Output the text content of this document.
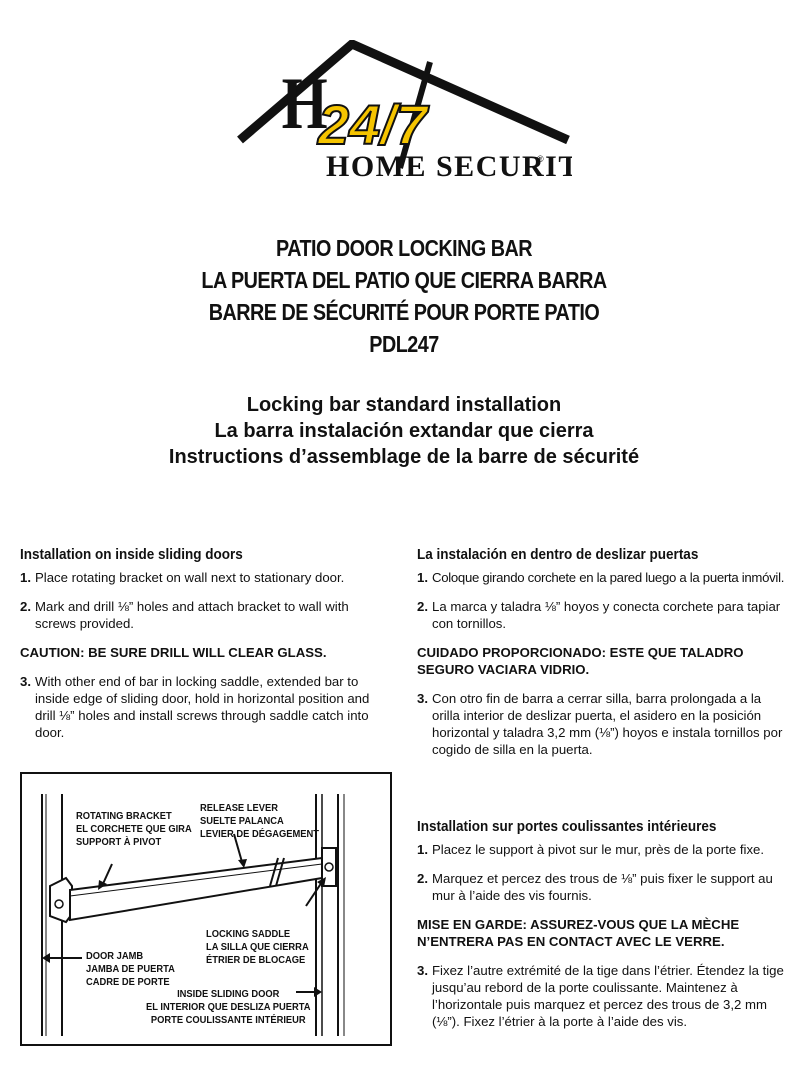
H
24/7
HOME SECURIT
®
PATIO DOOR LOCKING BAR
LA PUERTA DEL PATIO QUE CIERRA BARRA
BARRE DE SÉCURITÉ POUR PORTE PATIO
PDL247
Locking bar standard installation
La barra instalación extandar que cierra
Instructions d’assemblage de la barre de sécurité
Installation on inside sliding doors
1. Place rotating bracket on wall next to stationary door.
2. Mark and drill ⅛” holes and attach bracket to wall with screws provided.
CAUTION: BE SURE DRILL WILL CLEAR GLASS.
3. With other end of bar in locking saddle, extended bar to inside edge of sliding door, hold in horizontal position and drill ⅛” holes and install screws through saddle catch into door.
La instalación en dentro de deslizar puertas
1. Coloque girando corchete en la pared luego a la puerta inmóvil.
2. La marca y taladra ⅛” hoyos y conecta corchete para tapiar con tornillos.
CUIDADO PROPORCIONADO: ESTE QUE TALADRO
SEGURO VACIARA VIDRIO.
3. Con otro fin de barra a cerrar silla, barra prolongada a la orilla interior de deslizar puerta, el asidero en la posición horizontal y taladra 3,2 mm (⅛”) hoyos e instala tornillos por cogido de silla en la puerta.
Installation sur portes coulissantes intérieures
1. Placez le support à pivot sur le mur, près de la porte fixe.
2. Marquez et percez des trous de ⅛” puis fixer le support au mur à l’aide des vis fournis.
MISE EN GARDE: ASSUREZ-VOUS QUE LA MÈCHE
N’ENTRERA PAS EN CONTACT AVEC LE VERRE.
3. Fixez l’autre extrémité de la tige dans l’étrier. Étendez la tige jusqu’au rebord de la porte coulissante. Maintenez à l’horizontale puis marquez et percez des trous de 3,2 mm (⅛”). Fixez l’étrier à la porte à l’aide des vis.
ROTATING BRACKET
EL CORCHETE QUE GIRA
SUPPORT À PIVOT
RELEASE LEVER
SUELTE PALANCA
LEVIER DE DÉGAGEMENT
LOCKING SADDLE
LA SILLA QUE CIERRA
ÉTRIER DE BLOCAGE
DOOR JAMB
JAMBA DE PUERTA
CADRE DE PORTE
INSIDE SLIDING DOOR
EL INTERIOR QUE DESLIZA PUERTA
PORTE COULISSANTE INTÉRIEUR
